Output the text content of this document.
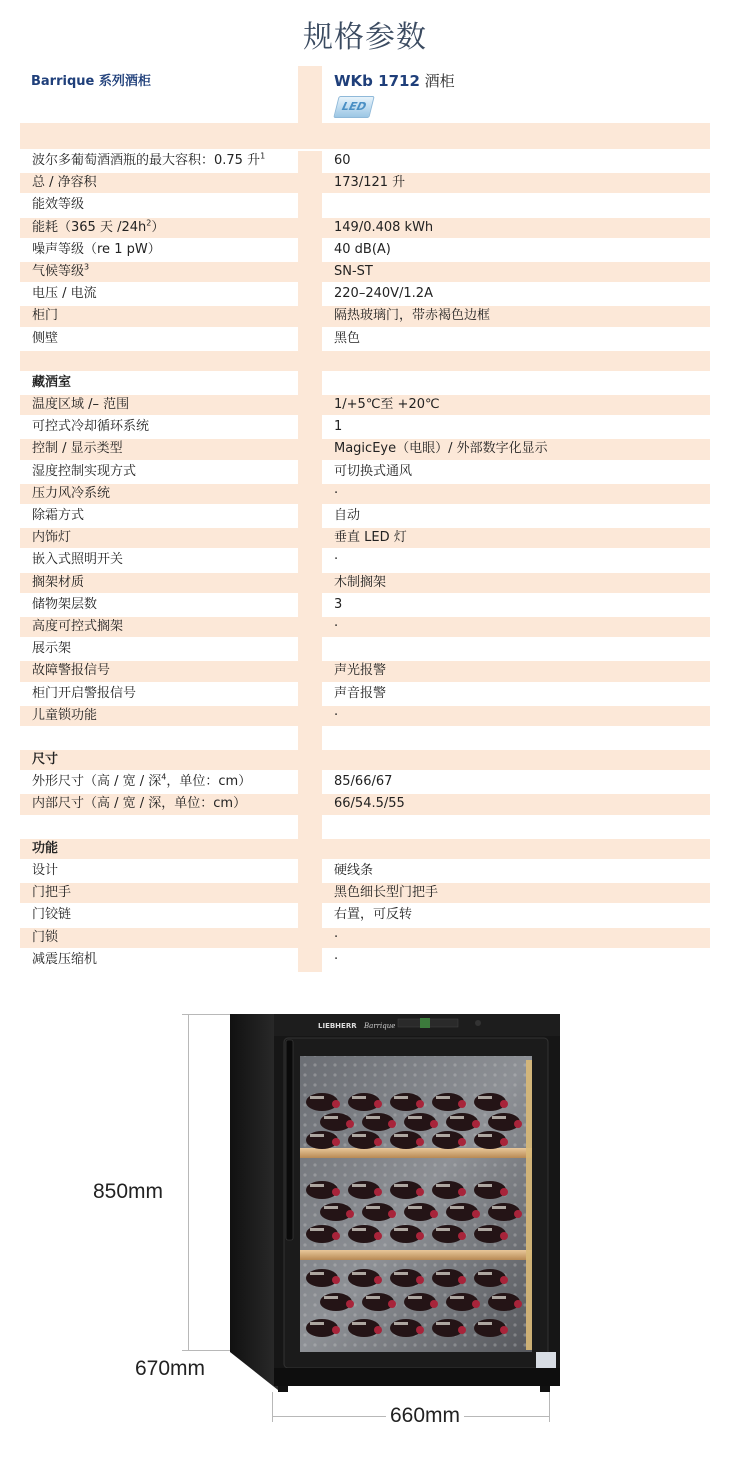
规格参数
Barrique 系列酒柜	WKb 1712 酒柜
LED
波尔多葡萄酒酒瓶的最大容积：0.75 升$^1$	60
总 / 净容积	173/121 升
能效等级
能耗（365 天 $/24h^2$）	149/0.408 kWh
噪声等级（re 1 pW）	40 dB(A)
气候等级$^3$	SN-ST
电压 / 电流	220–240V/1.2A
柜门	隔热玻璃门，带赤褐色边框
侧壁	黑色
藏酒室
温度区域 /– 范围	1/+5℃至 +20℃
可控式冷却循环系统	1
控制 / 显示类型	MagicEye（电眼）/ 外部数字化显示
湿度控制实现方式	可切换式通风
压力风冷系统	·
除霜方式	自动
内饰灯	垂直 LED 灯
嵌入式照明开关	·
搁架材质	木制搁架
储物架层数	3
高度可控式搁架	·
展示架
故障警报信号	声光报警
柜门开启警报信号	声音报警
儿童锁功能	·
尺寸
外形尺寸（高 / 宽 / 深$^4$，单位：cm）	85/66/67
内部尺寸（高 / 宽 / 深，单位：cm）	66/54.5/55
功能
设计	硬线条
门把手	黑色细长型门把手
门铰链	右置，可反转
门锁	·
减震压缩机	·
850mm
670mm
660mm
LIEBHERR Barrique
